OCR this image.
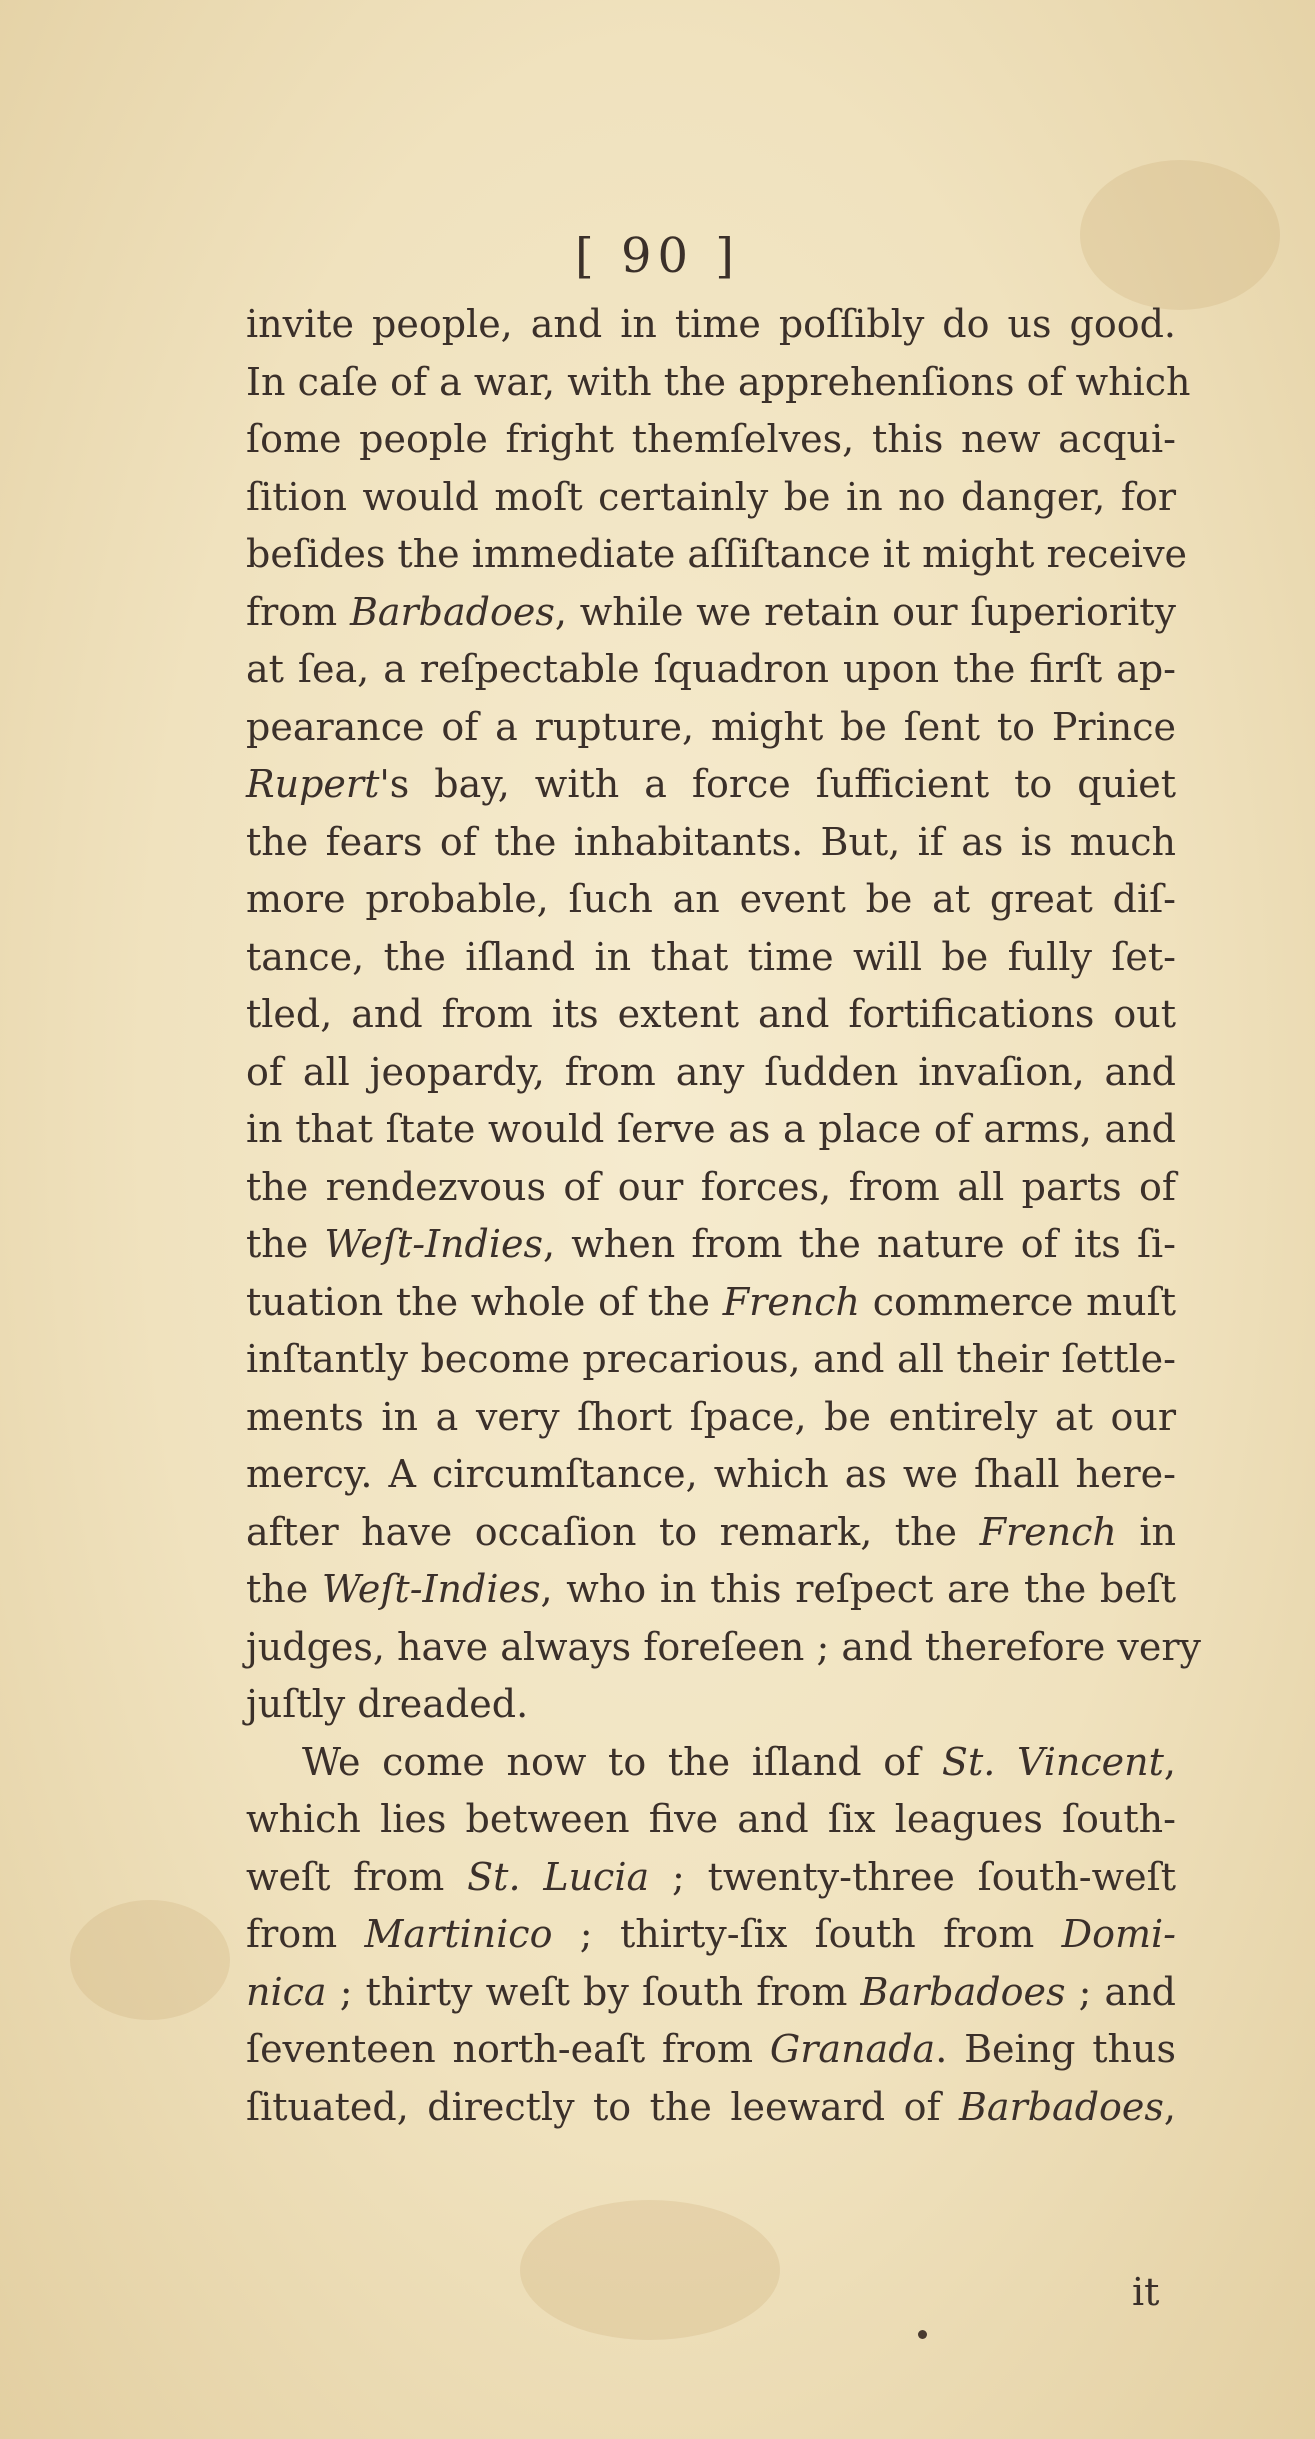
[ 90 ]
invite people, and in time poſſibly do us good.
In caſe of a war, with the apprehenſions of which
ſome people fright themſelves, this new acqui-
ſition would moſt certainly be in no danger, for
beſides the immediate aſſiſtance it might receive
from Barbadoes, while we retain our ſuperiority
at ſea, a reſpectable ſquadron upon the firſt ap-
pearance of a rupture, might be ſent to Prince
Rupert's bay, with a force ſufficient to quiet
the fears of the inhabitants. But, if as is much
more probable, ſuch an event be at great diſ-
tance, the iſland in that time will be fully ſet-
tled, and from its extent and fortifications out
of all jeopardy, from any ſudden invaſion, and
in that ſtate would ſerve as a place of arms, and
the rendezvous of our forces, from all parts of
the Weſt-Indies, when from the nature of its ſi-
tuation the whole of the French commerce muſt
inſtantly become precarious, and all their ſettle-
ments in a very ſhort ſpace, be entirely at our
mercy. A circumſtance, which as we ſhall here-
after have occaſion to remark, the French in
the Weſt-Indies, who in this reſpect are the beſt
judges, have always foreſeen ; and therefore very
juſtly dreaded.
We come now to the iſland of St. Vincent,
which lies between five and ſix leagues ſouth-
weſt from St. Lucia ; twenty-three ſouth-weſt
from Martinico ; thirty-ſix ſouth from Domi-
nica ; thirty weſt by ſouth from Barbadoes ; and
ſeventeen north-eaſt from Granada. Being thus
ſituated, directly to the leeward of Barbadoes,
it
